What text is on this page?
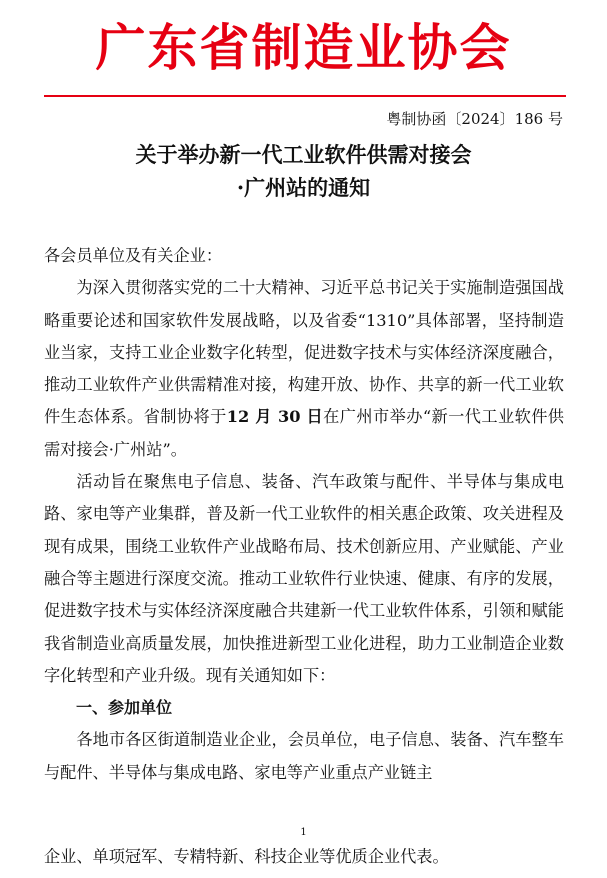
广东省制造业协会
粤制协函〔2024〕186 号
关于举办新一代工业软件供需对接会
·广州站的通知

各会员单位及有关企业：

为深入贯彻落实党的二十大精神、习近平总书记关于实施制造强国战略重要论述和国家软件发展战略，以及省委“1310”具体部署，坚持制造业当家，支持工业企业数字化转型，促进数字技术与实体经济深度融合，推动工业软件产业供需精准对接，构建开放、协作、共享的新一代工业软件生态体系。省制协将于12 月 30 日在广州市举办“新一代工业软件供需对接会·广州站”。

活动旨在聚焦电子信息、装备、汽车政策与配件、半导体与集成电路、家电等产业集群，普及新一代工业软件的相关惠企政策、攻关进程及现有成果，围绕工业软件产业战略布局、技术创新应用、产业赋能、产业融合等主题进行深度交流。推动工业软件行业快速、健康、有序的发展，促进数字技术与实体经济深度融合共建新一代工业软件体系，引领和赋能我省制造业高质量发展，加快推进新型工业化进程，助力工业制造企业数字化转型和产业升级。现有关通知如下：

一、参加单位

各地市各区街道制造业企业，会员单位，电子信息、装备、汽车整车与配件、半导体与集成电路、家电等产业重点产业链主

1
企业、单项冠军、专精特新、科技企业等优质企业代表。
